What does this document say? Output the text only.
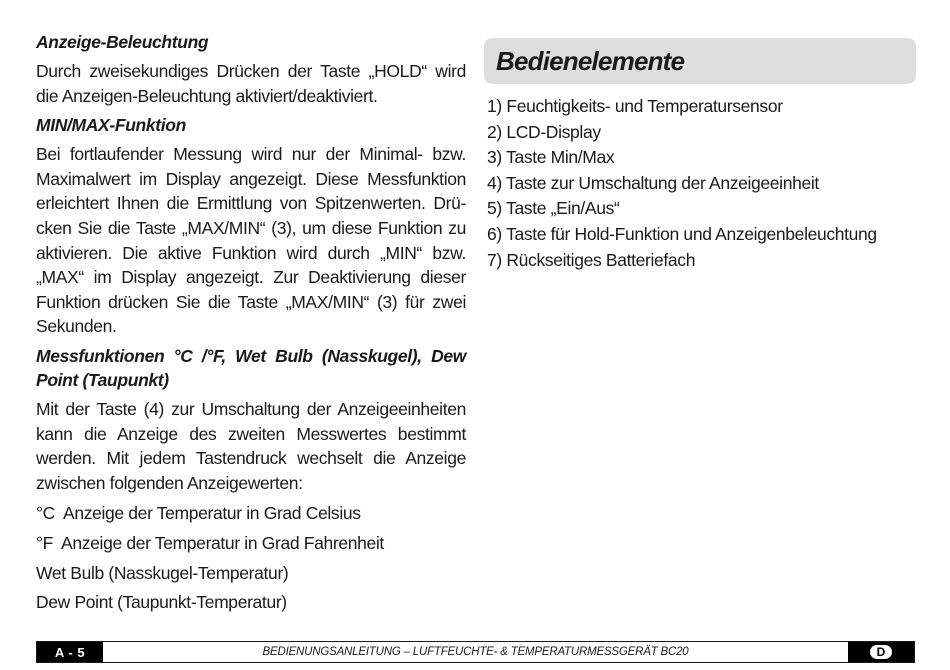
Anzeige-Beleuchtung
Durch zweisekundiges Drücken der Taste „HOLD“ wird
die Anzeigen-Beleuchtung aktiviert/deaktiviert.
MIN/MAX-Funktion
Bei fortlaufender Messung wird nur der Minimal- bzw.
Maximalwert im Display angezeigt. Diese Messfunktion
erleichtert Ihnen die Ermittlung von Spitzenwerten. Drü-
cken Sie die Taste „MAX/MIN“ (3), um diese Funktion zu
aktivieren. Die aktive Funktion wird durch „MIN“ bzw.
„MAX“ im Display angezeigt. Zur Deaktivierung dieser
Funktion drücken Sie die Taste „MAX/MIN“ (3) für zwei
Sekunden.
Messfunktionen °C /°F, Wet Bulb (Nasskugel), Dew
Point (Taupunkt)
Mit der Taste (4) zur Umschaltung der Anzeigeeinheiten
kann die Anzeige des zweiten Messwertes bestimmt
werden. Mit jedem Tastendruck wechselt die Anzeige
zwischen folgenden Anzeigewerten:
°C  Anzeige der Temperatur in Grad Celsius
°F  Anzeige der Temperatur in Grad Fahrenheit
Wet Bulb (Nasskugel-Temperatur)
Dew Point (Taupunkt-Temperatur)
Bedienelemente
1) Feuchtigkeits- und Temperatursensor
2) LCD-Display
3) Taste Min/Max
4) Taste zur Umschaltung der Anzeigeeinheit
5) Taste „Ein/Aus“
6) Taste für Hold-Funktion und Anzeigenbeleuchtung
7) Rückseitiges Batteriefach
A - 5	BEDIENUNGSANLEITUNG – LUFTFEUCHTE- & TEMPERATURMESSGERÄT BC20	D
